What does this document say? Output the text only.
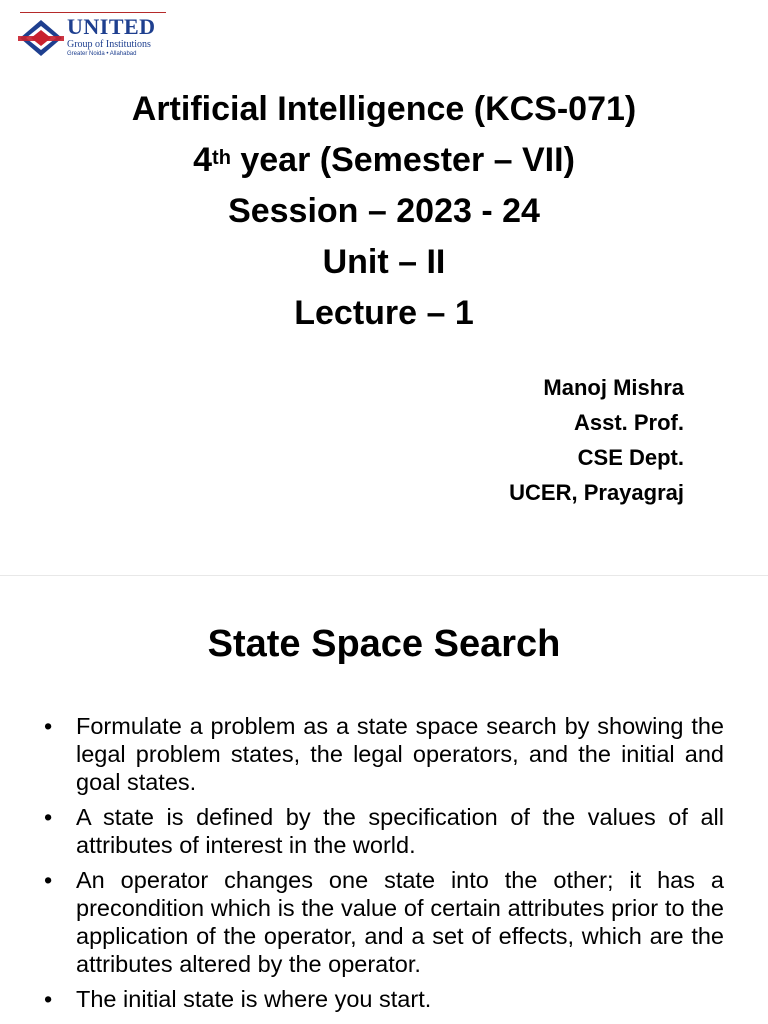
UNITED
Group of Institutions
Greater Noida • Allahabad
Artificial Intelligence (KCS-071)
4th year (Semester – VII)
Session – 2023 - 24
Unit – II
Lecture – 1
Manoj Mishra
Asst. Prof.
CSE Dept.
UCER, Prayagraj
State Space Search
• Formulate a problem as a state space search by showing the legal problem states, the legal operators, and the initial and goal states.
• A state is defined by the specification of the values of all attributes of interest in the world.
• An operator changes one state into the other; it has a precondition which is the value of certain attributes prior to the application of the operator, and a set of effects, which are the attributes altered by the operator.
• The initial state is where you start.
